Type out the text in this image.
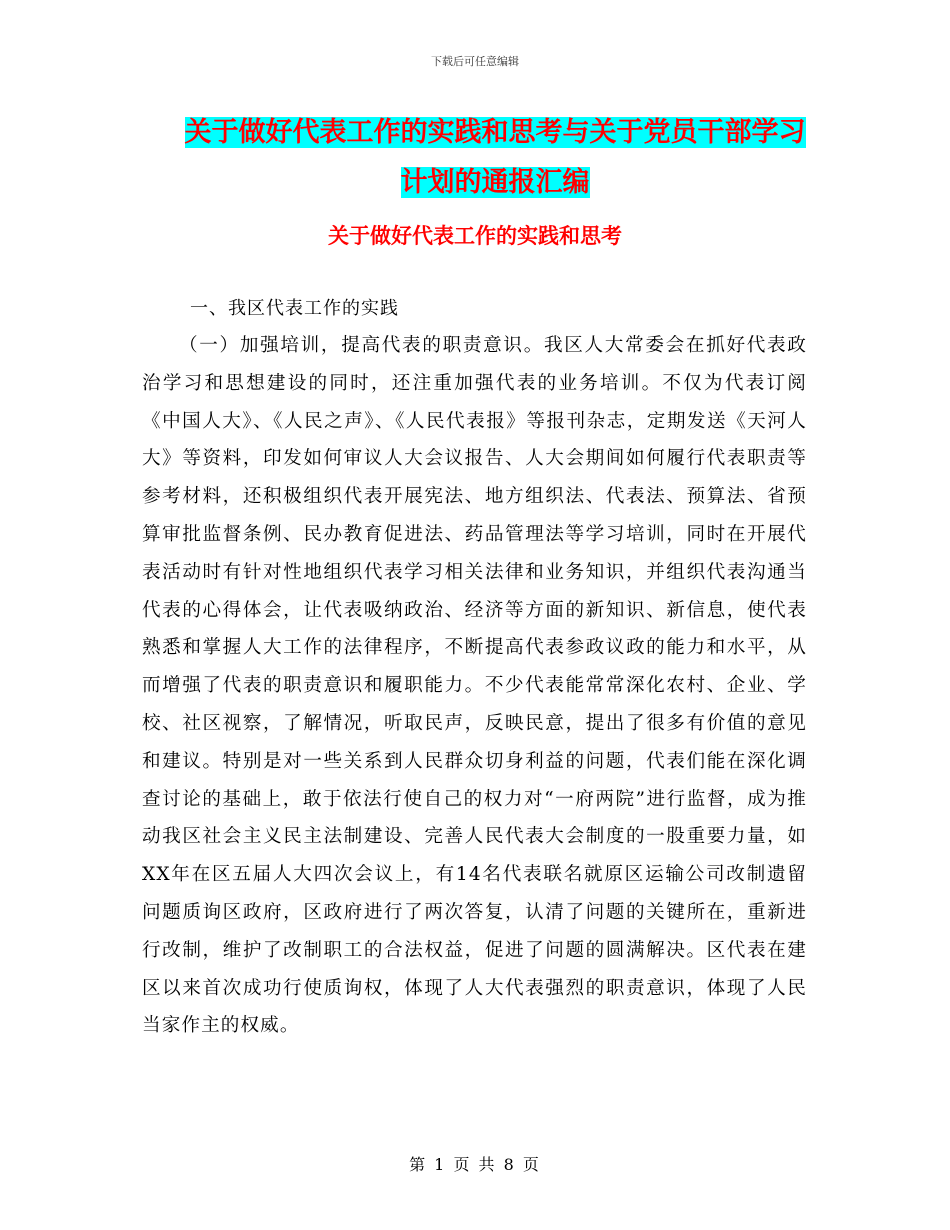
下载后可任意编辑
关于做好代表工作的实践和思考与关于党员干部学习
计划的通报汇编
关于做好代表工作的实践和思考
一、我区代表工作的实践
（一）加强培训，提高代表的职责意识。我区人大常委会在抓好代表政治学习和思想建设的同时，还注重加强代表的业务培训。不仅为代表订阅《中国人大》、《人民之声》、《人民代表报》等报刊杂志，定期发送《天河人大》等资料，印发如何审议人大会议报告、人大会期间如何履行代表职责等参考材料，还积极组织代表开展宪法、地方组织法、代表法、预算法、省预算审批监督条例、民办教育促进法、药品管理法等学习培训，同时在开展代表活动时有针对性地组织代表学习相关法律和业务知识，并组织代表沟通当代表的心得体会，让代表吸纳政治、经济等方面的新知识、新信息，使代表熟悉和掌握人大工作的法律程序，不断提高代表参政议政的能力和水平，从而增强了代表的职责意识和履职能力。不少代表能常常深化农村、企业、学校、社区视察，了解情况，听取民声，反映民意，提出了很多有价值的意见和建议。特别是对一些关系到人民群众切身利益的问题，代表们能在深化调查讨论的基础上，敢于依法行使自己的权力对“一府两院”进行监督，成为推动我区社会主义民主法制建设、完善人民代表大会制度的一股重要力量，如XX年在区五届人大四次会议上，有14名代表联名就原区运输公司改制遗留问题质询区政府，区政府进行了两次答复，认清了问题的关键所在，重新进行改制，维护了改制职工的合法权益，促进了问题的圆满解决。区代表在建区以来首次成功行使质询权，体现了人大代表强烈的职责意识，体现了人民当家作主的权威。
第 1 页 共 8 页
